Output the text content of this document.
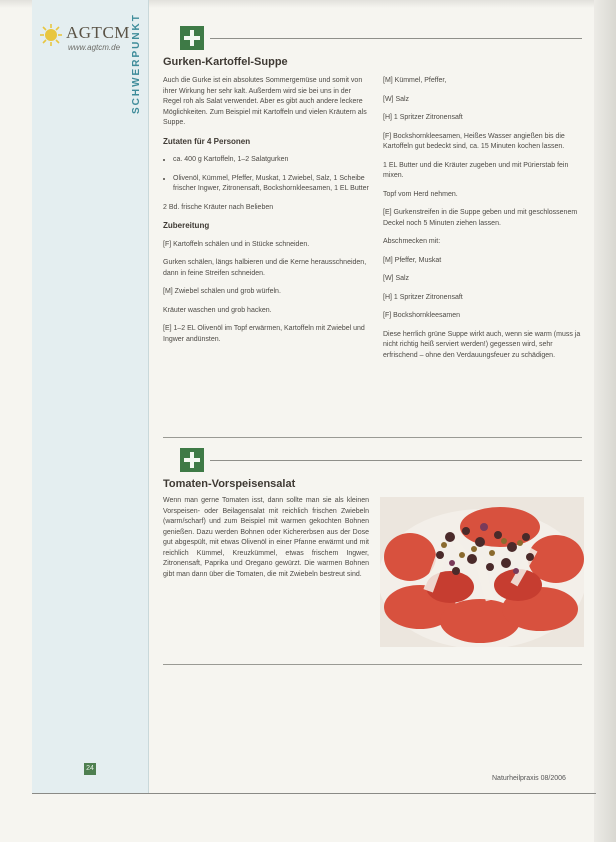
AGTCM
www.agtcm.de SCHWERPUNKT Gurken-Kartoffel-Suppe

Auch die Gurke ist ein absolutes Sommergemüse und somit von ihrer Wirkung her sehr kalt. Außerdem wird sie bei uns in der Regel roh als Salat verwendet. Aber es gibt auch andere leckere Möglichkeiten. Zum Beispiel mit Kartoffeln und vielen Kräutern als Suppe.

Zutaten für 4 Personen

• ca. 400 g Kartoffeln, 1–2 Salatgurken
• Olivenöl, Kümmel, Pfeffer, Muskat, 1 Zwiebel, Salz, 1 Scheibe frischer Ingwer, Zitronensaft, Bockshornkleesamen, 1 EL Butter

2 Bd. frische Kräuter nach Belieben

Zubereitung

[F] Kartoffeln schälen und in Stücke schneiden.

Gurken schälen, längs halbieren und die Kerne herausschneiden, dann in feine Streifen schneiden.

[M] Zwiebel schälen und grob würfeln.

Kräuter waschen und grob hacken.

[E] 1–2 EL Olivenöl im Topf erwärmen, Kartoffeln mit Zwiebel und Ingwer andünsten.

[M] Kümmel, Pfeffer,

[W] Salz

[H] 1 Spritzer Zitronensaft

[F] Bockshornkleesamen, Heißes Wasser angießen bis die Kartoffeln gut bedeckt sind, ca. 15 Minuten kochen lassen.

1 EL Butter und die Kräuter zugeben und mit Pürierstab fein mixen.

Topf vom Herd nehmen.

[E] Gurkenstreifen in die Suppe geben und mit geschlossenem Deckel noch 5 Minuten ziehen lassen.

Abschmecken mit:

[M] Pfeffer, Muskat

[W] Salz

[H] 1 Spritzer Zitronensaft

[F] Bockshornkleesamen

Diese herrlich grüne Suppe wirkt auch, wenn sie warm (muss ja nicht richtig heiß serviert werden!) gegessen wird, sehr erfrischend – ohne den Verdauungsfeuer zu schädigen.

Tomaten-Vorspeisensalat

Wenn man gerne Tomaten isst, dann sollte man sie als kleinen Vorspeisen- oder Beilagensalat mit reichlich frischen Zwiebeln (warm/scharf) und zum Beispiel mit warmen gekochten Bohnen genießen. Dazu werden Bohnen oder Kichererbsen aus der Dose gut abgespült, mit etwas Olivenöl in einer Pfanne erwärmt und mit reichlich Kümmel, Kreuzkümmel, etwas frischem Ingwer, Zitronensaft, Paprika und Oregano gewürzt. Die warmen Bohnen gibt man dann über die Tomaten, die mit Zwiebeln bestreut sind.

24
Naturheilpraxis 08/2006
